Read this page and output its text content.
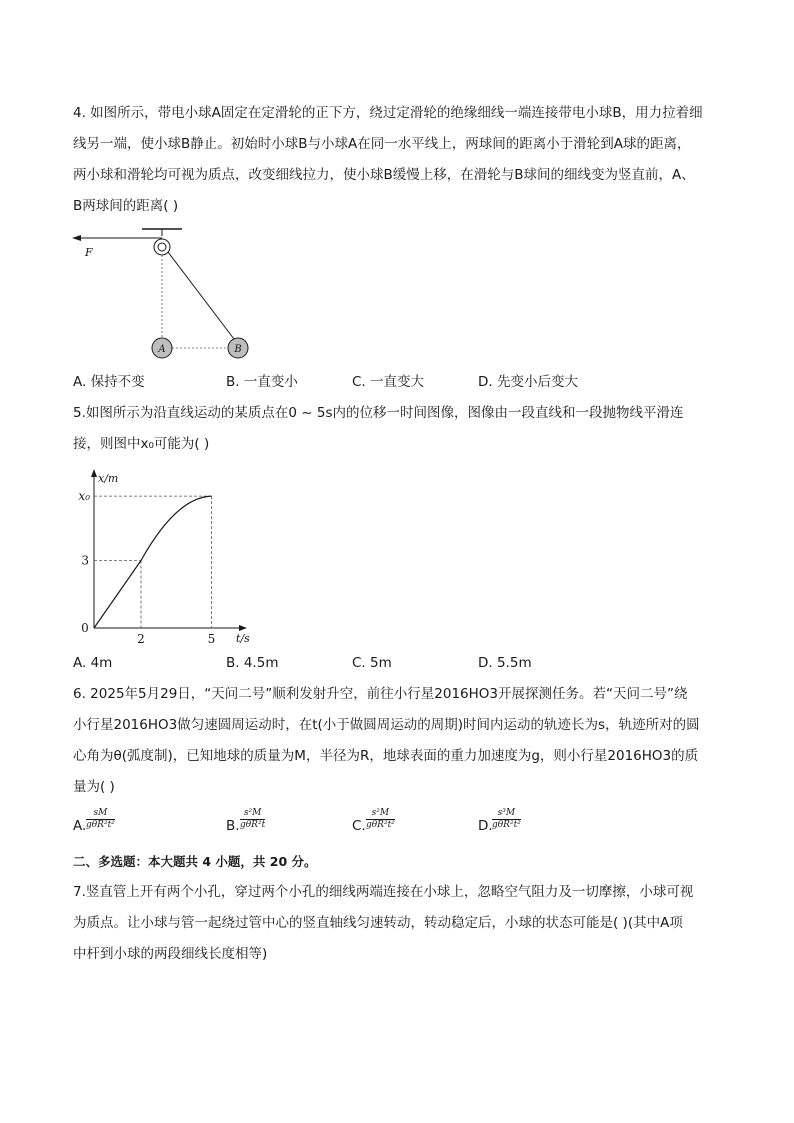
4. 如图所示，带电小球A固定在定滑轮的正下方，绕过定滑轮的绝缘细线一端连接带电小球B，用力拉着细
线另一端，使小球B静止。初始时小球B与小球A在同一水平线上，两球间的距离小于滑轮到A球的距离，
两小球和滑轮均可视为质点，改变细线拉力，使小球B缓慢上移，在滑轮与B球间的细线变为竖直前，A、
B两球间的距离( )
F
A	B
A. 保持不变	B. 一直变小	C. 一直变大	D. 先变小后变大
5.如图所示为沿直线运动的某质点在0 ~ 5s内的位移一时间图像，图像由一段直线和一段抛物线平滑连
接，则图中x₀可能为( )
x/m
t/s
0
2	5
3
x₀
A. 4m	B. 4.5m	C. 5m	D. 5.5m
6. 2025年5月29日，“天问二号”顺利发射升空，前往小行星2016HO3开展探测任务。若“天问二号”绕
小行星2016HO3做匀速圆周运动时，在t(小于做圆周运动的周期)时间内运动的轨迹长为s，轨迹所对的圆
心角为θ(弧度制)，已知地球的质量为M，半径为R，地球表面的重力加速度为g，则小行星2016HO3的质
量为( )
A.
sM
gθR²t²	B.
s²M
gθR²t	C.
s²M
gθR²t²	D.
s³M
gθR²t²
二、多选题：本大题共 4 小题，共 20 分。
7.竖直管上开有两个小孔，穿过两个小孔的细线两端连接在小球上，忽略空气阻力及一切摩擦，小球可视
为质点。让小球与管一起绕过管中心的竖直轴线匀速转动，转动稳定后，小球的状态可能是( )(其中A项
中杆到小球的两段细线长度相等)
